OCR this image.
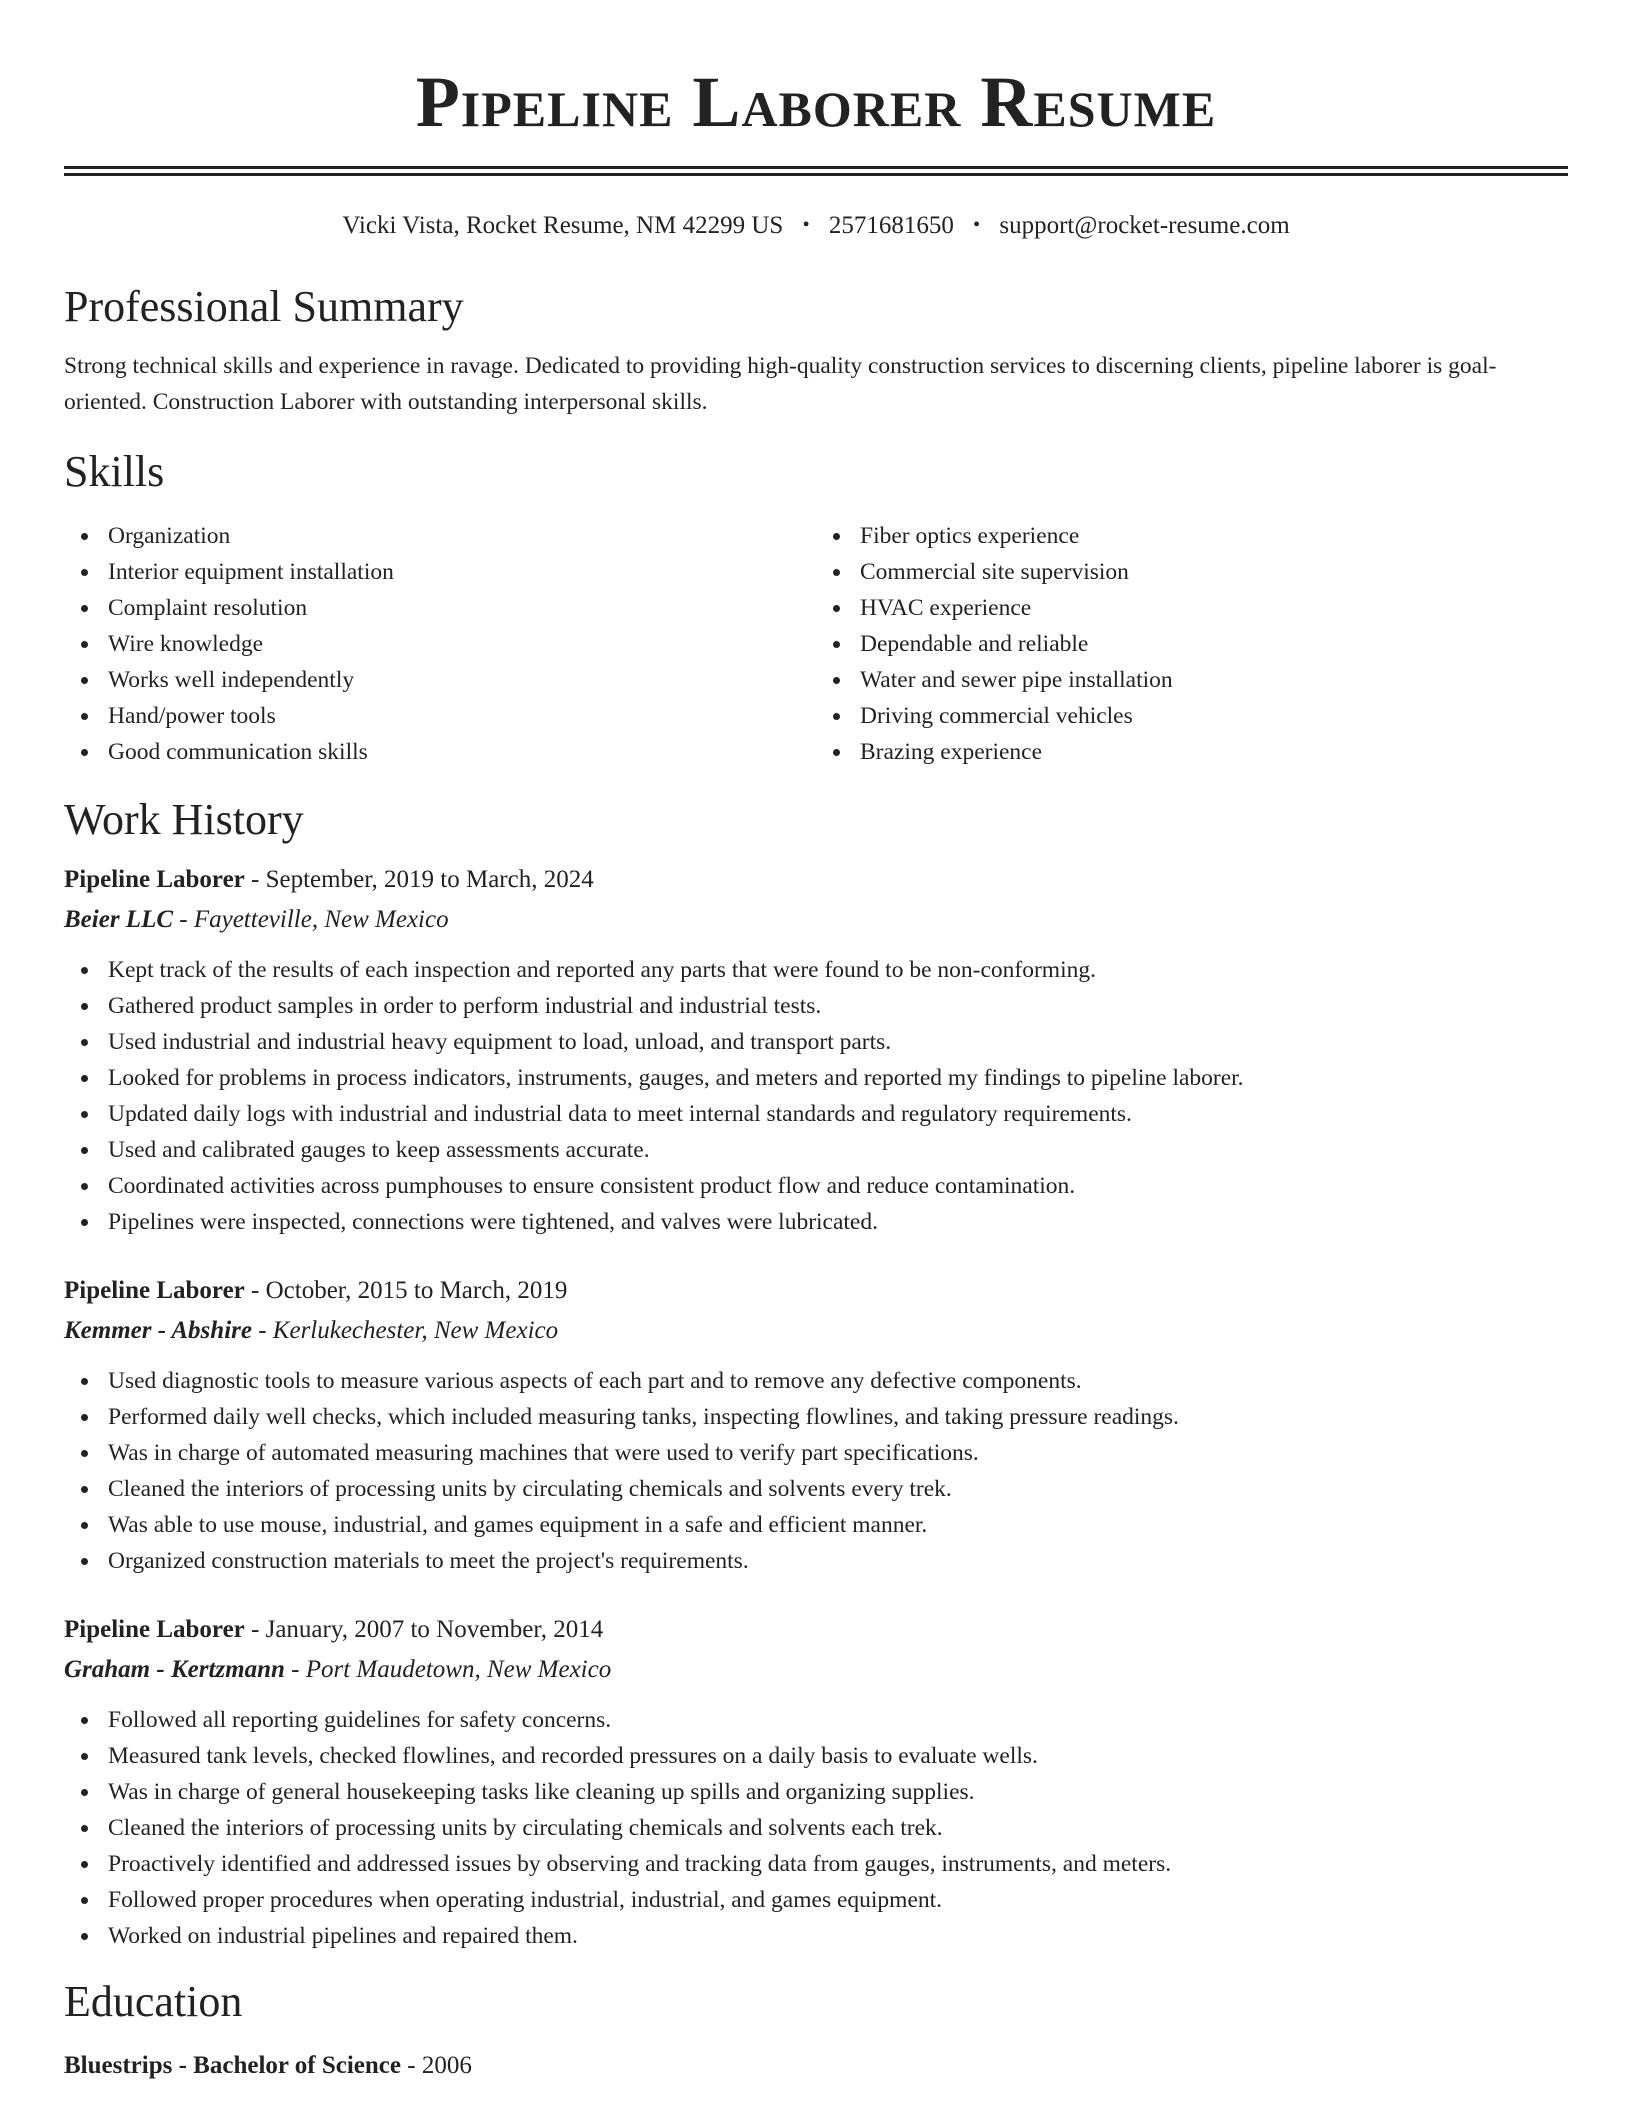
Pipeline Laborer Resume
Vicki Vista, Rocket Resume, NM 42299 US • 2571681650 • support@rocket-resume.com
Professional Summary

Strong technical skills and experience in ravage. Dedicated to providing high-quality construction services to discerning clients, pipeline laborer is goal-oriented. Construction Laborer with outstanding interpersonal skills.

Skills
Organization
Interior equipment installation
Complaint resolution
Wire knowledge
Works well independently
Hand/power tools
Good communication skills
Fiber optics experience
Commercial site supervision
HVAC experience
Dependable and reliable
Water and sewer pipe installation
Driving commercial vehicles
Brazing experience
Work History
Pipeline Laborer - September, 2019 to March, 2024
Beier LLC - Fayetteville, New Mexico
Kept track of the results of each inspection and reported any parts that were found to be non-conforming.
Gathered product samples in order to perform industrial and industrial tests.
Used industrial and industrial heavy equipment to load, unload, and transport parts.
Looked for problems in process indicators, instruments, gauges, and meters and reported my findings to pipeline laborer.
Updated daily logs with industrial and industrial data to meet internal standards and regulatory requirements.
Used and calibrated gauges to keep assessments accurate.
Coordinated activities across pumphouses to ensure consistent product flow and reduce contamination.
Pipelines were inspected, connections were tightened, and valves were lubricated.
Pipeline Laborer - October, 2015 to March, 2019
Kemmer - Abshire - Kerlukechester, New Mexico
Used diagnostic tools to measure various aspects of each part and to remove any defective components.
Performed daily well checks, which included measuring tanks, inspecting flowlines, and taking pressure readings.
Was in charge of automated measuring machines that were used to verify part specifications.
Cleaned the interiors of processing units by circulating chemicals and solvents every trek.
Was able to use mouse, industrial, and games equipment in a safe and efficient manner.
Organized construction materials to meet the project's requirements.
Pipeline Laborer - January, 2007 to November, 2014
Graham - Kertzmann - Port Maudetown, New Mexico
Followed all reporting guidelines for safety concerns.
Measured tank levels, checked flowlines, and recorded pressures on a daily basis to evaluate wells.
Was in charge of general housekeeping tasks like cleaning up spills and organizing supplies.
Cleaned the interiors of processing units by circulating chemicals and solvents each trek.
Proactively identified and addressed issues by observing and tracking data from gauges, instruments, and meters.
Followed proper procedures when operating industrial, industrial, and games equipment.
Worked on industrial pipelines and repaired them.
Education
Bluestrips - Bachelor of Science - 2006
